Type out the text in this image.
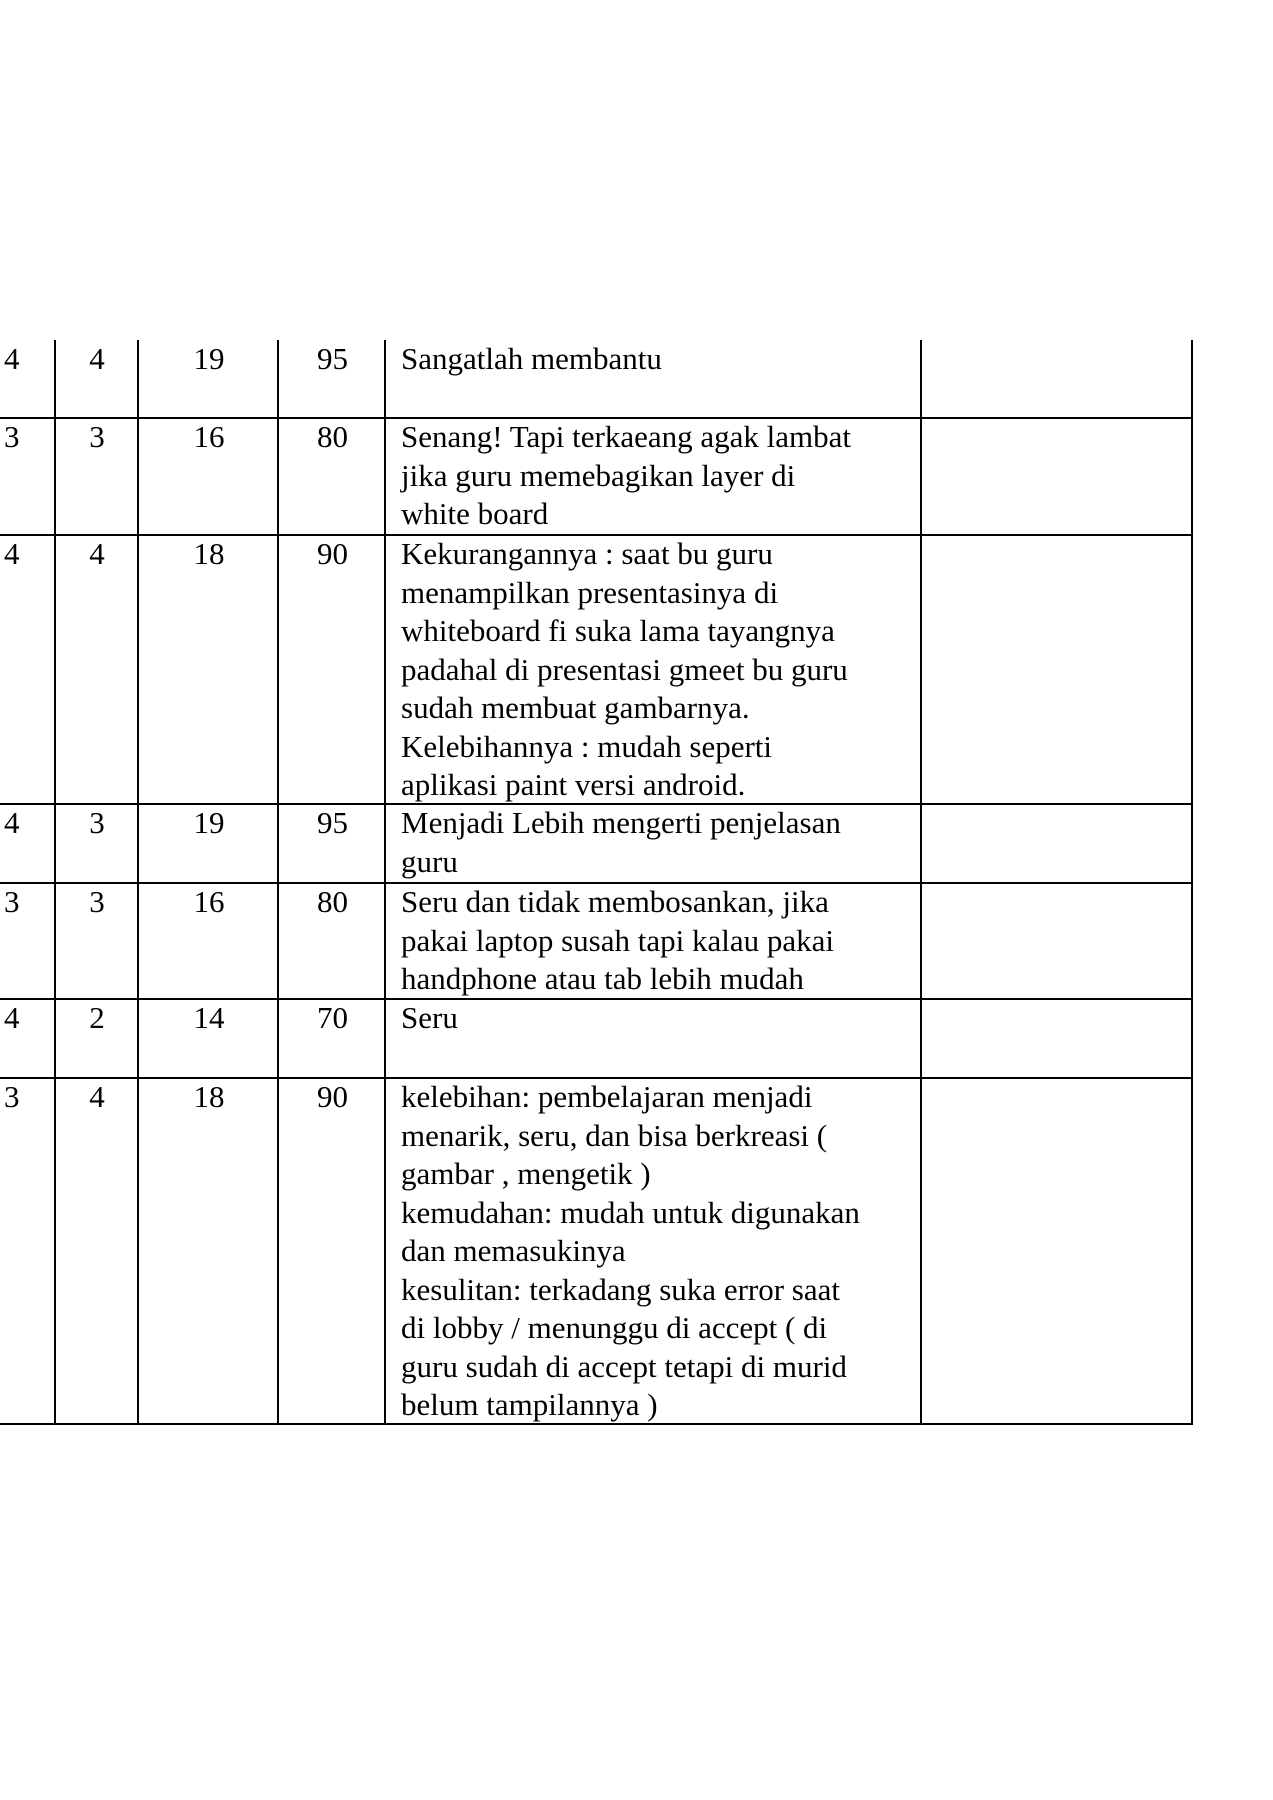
4	4	19	95	Sangatlah membantu
3	3	16	80	Senang! Tapi terkaeang agak lambat
jika guru memebagikan layer di
white board
4	4	18	90	Kekurangannya : saat bu guru
menampilkan presentasinya di
whiteboard fi suka lama tayangnya
padahal di presentasi gmeet bu guru
sudah membuat gambarnya.
Kelebihannya : mudah seperti
aplikasi paint versi android.
4	3	19	95	Menjadi Lebih mengerti penjelasan
guru
3	3	16	80	Seru dan tidak membosankan, jika
pakai laptop susah tapi kalau pakai
handphone atau tab lebih mudah
4	2	14	70	Seru
3	4	18	90	kelebihan: pembelajaran menjadi
menarik, seru, dan bisa berkreasi (
gambar , mengetik )
kemudahan: mudah untuk digunakan
dan memasukinya
kesulitan: terkadang suka error saat
di lobby / menunggu di accept ( di
guru sudah di accept tetapi di murid
belum tampilannya )
